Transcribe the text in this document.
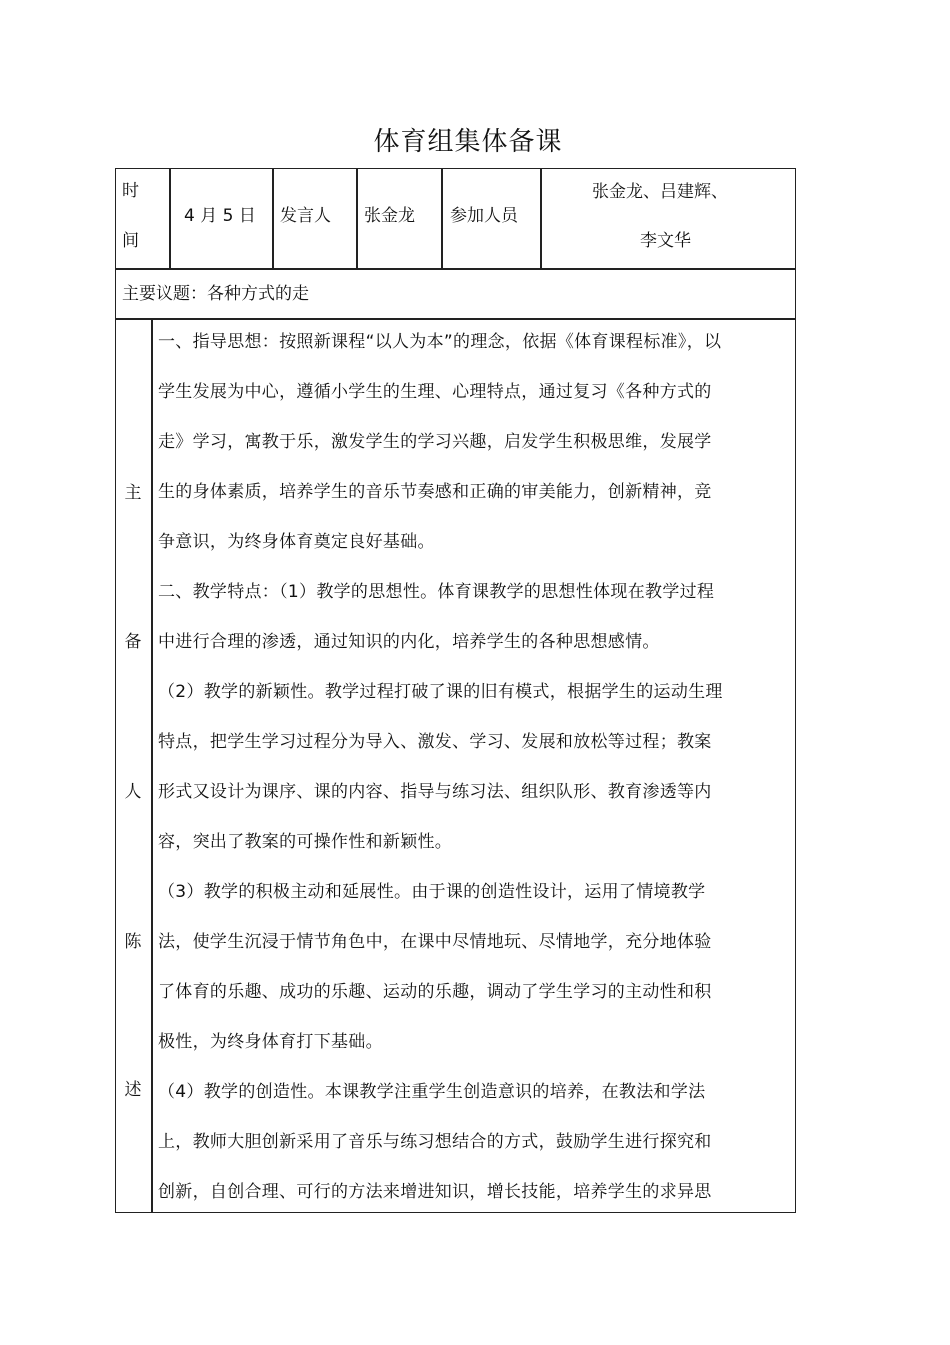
体育组集体备课
时
间
4 月 5 日 发言人 张金龙 参加人员
张金龙、吕建辉、
李文华
主要议题：各种方式的走
主
备
人
陈
述
一、指导思想：按照新课程“以人为本”的理念，依据《体育课程标准》，以
学生发展为中心，遵循小学生的生理、心理特点，通过复习《各种方式的
走》学习，寓教于乐，激发学生的学习兴趣，启发学生积极思维，发展学
生的身体素质，培养学生的音乐节奏感和正确的审美能力，创新精神，竞
争意识，为终身体育奠定良好基础。
二、教学特点：（1）教学的思想性。体育课教学的思想性体现在教学过程
中进行合理的渗透，通过知识的内化，培养学生的各种思想感情。
（2）教学的新颖性。教学过程打破了课的旧有模式，根据学生的运动生理
特点，把学生学习过程分为导入、激发、学习、发展和放松等过程；教案
形式又设计为课序、课的内容、指导与练习法、组织队形、教育渗透等内
容，突出了教案的可操作性和新颖性。
（3）教学的积极主动和延展性。由于课的创造性设计，运用了情境教学
法，使学生沉浸于情节角色中，在课中尽情地玩、尽情地学，充分地体验
了体育的乐趣、成功的乐趣、运动的乐趣，调动了学生学习的主动性和积
极性，为终身体育打下基础。
（4）教学的创造性。本课教学注重学生创造意识的培养，在教法和学法
上，教师大胆创新采用了音乐与练习想结合的方式，鼓励学生进行探究和
创新，自创合理、可行的方法来增进知识，增长技能，培养学生的求异思
